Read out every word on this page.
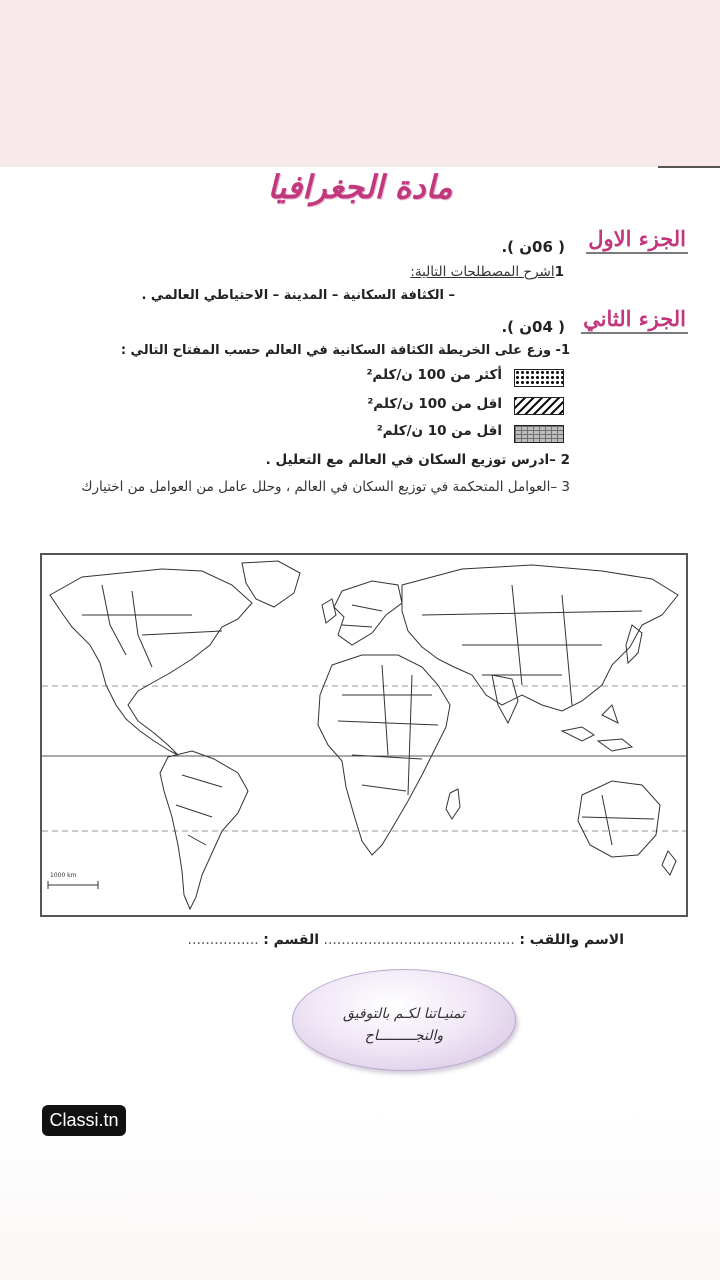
مادة الجغرافيا
الجزء الاول
( 06ن ).
1اشرح المصطلحات التالية:
– الكثافة السكانية – المدينة – الاحتياطي العالمي .
الجزء الثاني
( 04ن ).
1- وزع على الخريطة الكثافة السكانية في العالم حسب المفتاح التالي :
أكثر من 100 ن/كلم²
اقل من 100 ن/كلم²
اقل من 10 ن/كلم²
2 –ادرس توزيع السكان في العالم مع التعليل .
3 –العوامل المتحكمة في توزيع السكان في العالم ، وحلل عامل من العوامل من اختيارك
1000 km
الاسم واللقب : ........................................... القسم : ................
تمنيـاتنا لكـم بالتوفيق
والنجـــــــــاح
Classi.tn
